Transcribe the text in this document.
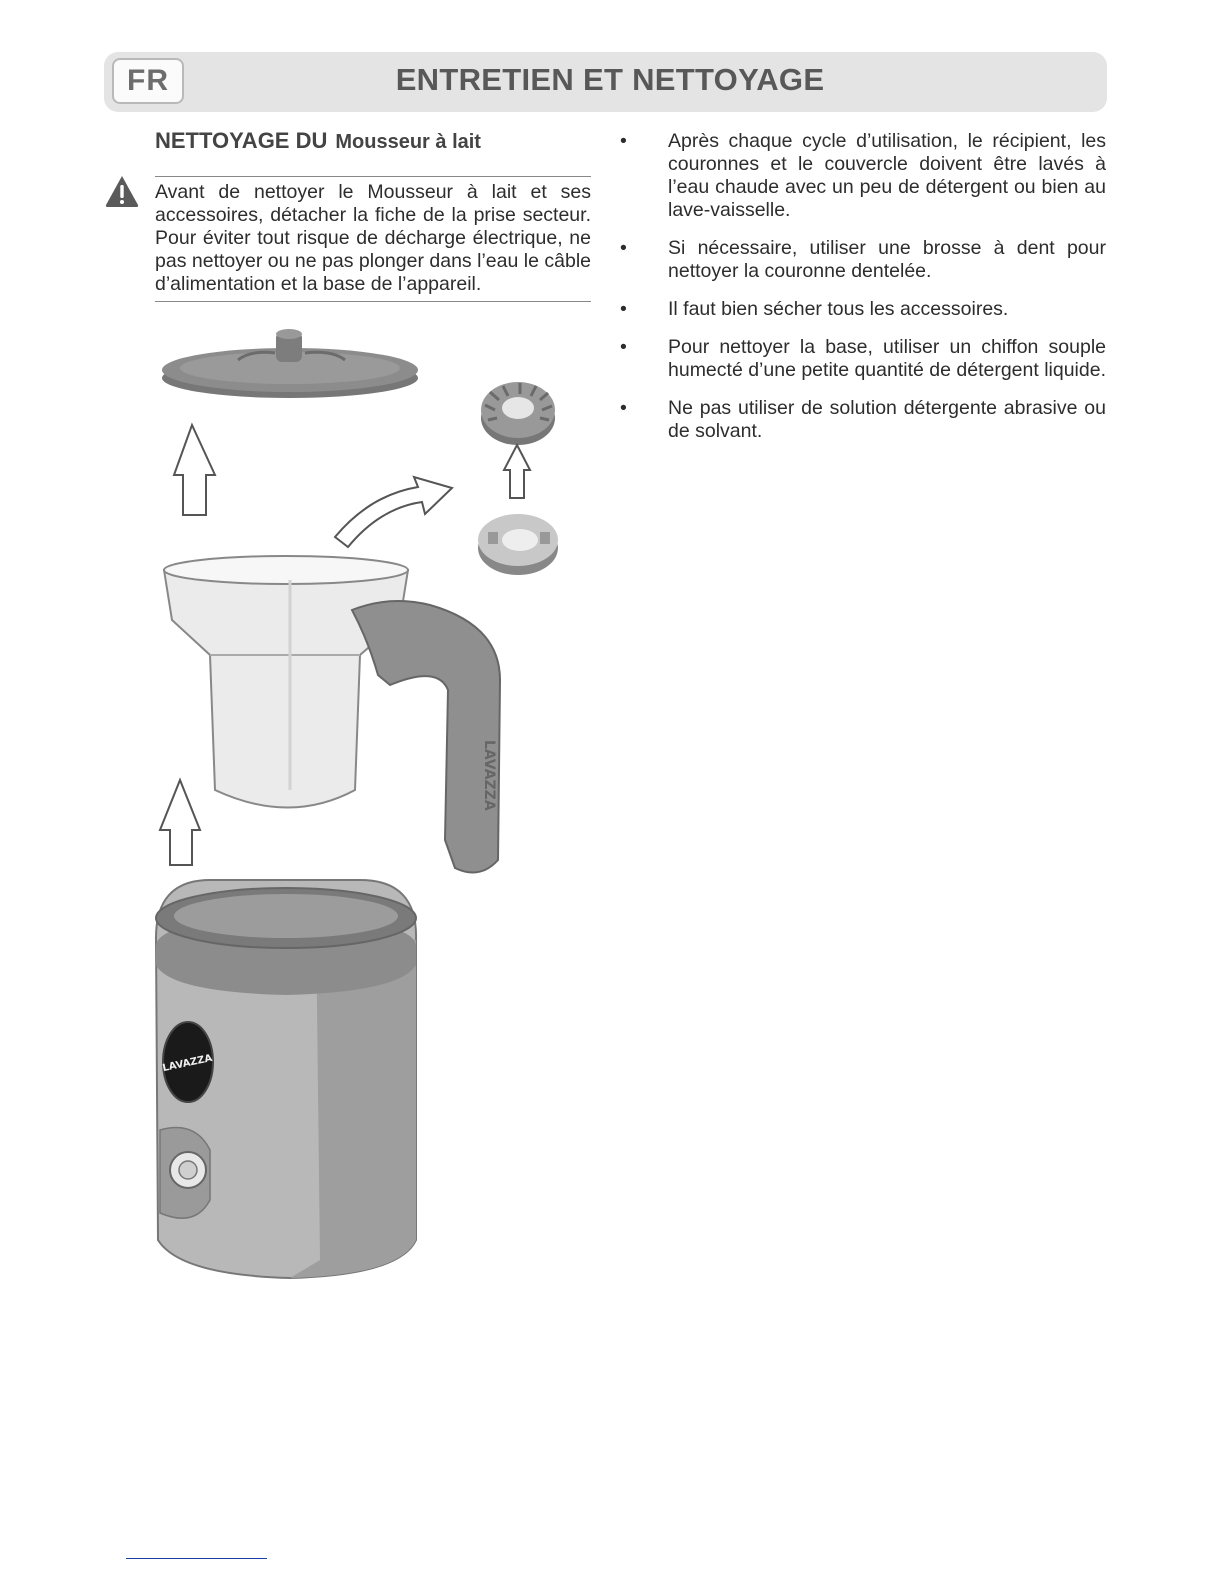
FR	ENTRETIEN ET NETTOYAGE
NETTOYAGE DU Mousseur à lait
Avant de nettoyer le Mousseur à lait et ses accessoires, détacher la fiche de la prise secteur. Pour éviter tout risque de décharge électrique, ne pas nettoyer ou ne pas plonger dans l’eau le câble d’alimentation et la base de l’appareil.
LAVAZZA
LAVAZZA
• Après chaque cycle d’utilisation, le récipient, les couronnes et le couvercle doivent être lavés à l’eau chaude avec un peu de détergent ou bien au lave-vaisselle.
• Si nécessaire, utiliser une brosse à dent pour nettoyer la couronne dentelée.
• Il faut bien sécher tous les accessoires.
• Pour nettoyer la base, utiliser un chiffon souple humecté d’une petite quantité de détergent liquide.
• Ne pas utiliser de solution détergente abrasive ou de solvant.
